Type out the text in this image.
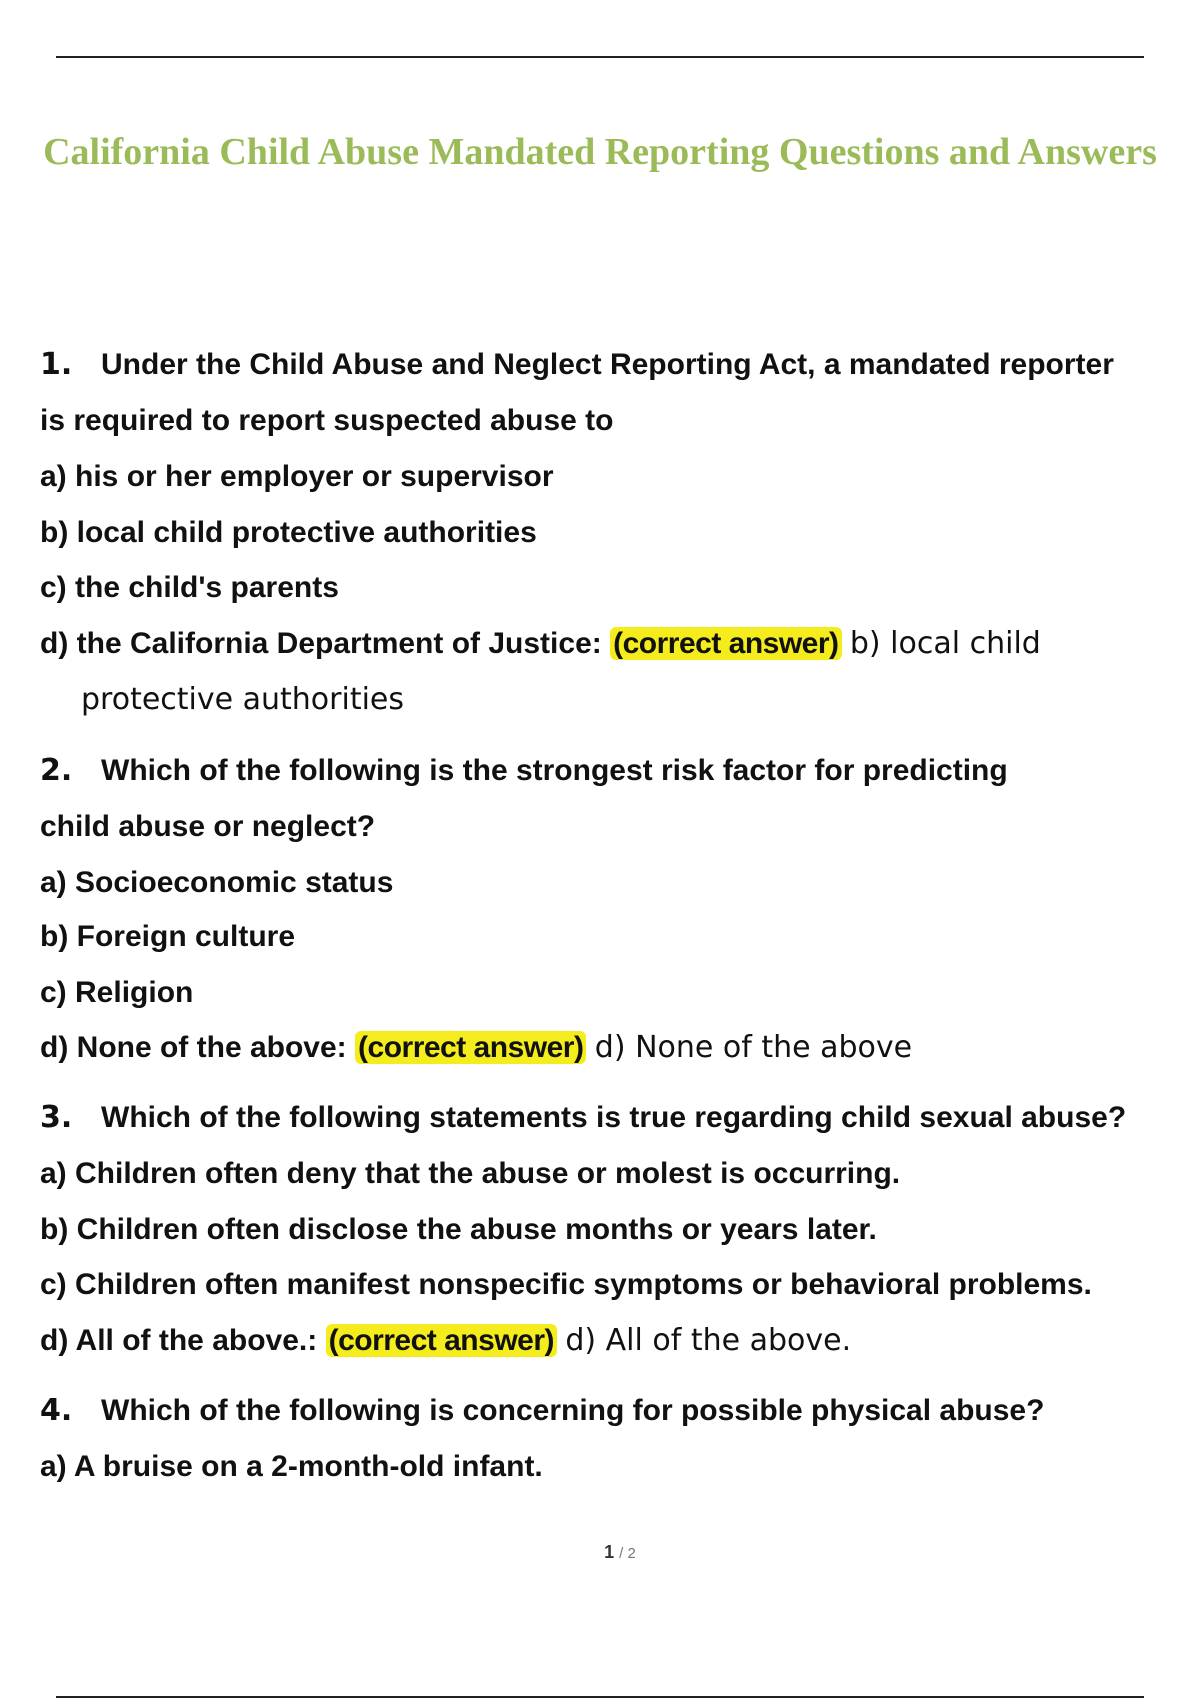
California Child Abuse Mandated Reporting Questions and Answers
1. Under the Child Abuse and Neglect Reporting Act, a mandated reporter
is required to report suspected abuse to
a) his or her employer or supervisor
b) local child protective authorities
c) the child's parents
d) the California Department of Justice: (correct answer) b) local child
protective authorities
2. Which of the following is the strongest risk factor for predicting
child abuse or neglect?
a) Socioeconomic status
b) Foreign culture
c) Religion
d) None of the above: (correct answer) d) None of the above
3. Which of the following statements is true regarding child sexual abuse?
a) Children often deny that the abuse or molest is occurring.
b) Children often disclose the abuse months or years later.
c) Children often manifest nonspecific symptoms or behavioral problems.
d) All of the above.: (correct answer) d) All of the above.
4. Which of the following is concerning for possible physical abuse?
a) A bruise on a 2-month-old infant.
1 / 2
